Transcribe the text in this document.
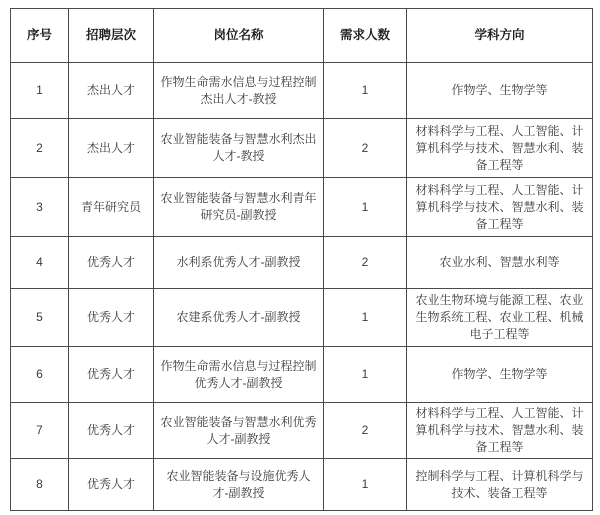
序号	招聘层次	岗位名称	需求人数	学科方向
1	杰出人才	作物生命需水信息与过程控制杰出人才-教授	1	作物学、生物学等
2	杰出人才	农业智能装备与智慧水利杰出人才-教授	2	材料科学与工程、人工智能、计算机科学与技术、智慧水利、装备工程等
3	青年研究员	农业智能装备与智慧水利青年研究员-副教授	1	材料科学与工程、人工智能、计算机科学与技术、智慧水利、装备工程等
4	优秀人才	水利系优秀人才-副教授	2	农业水利、智慧水利等
5	优秀人才	农建系优秀人才-副教授	1	农业生物环境与能源工程、农业生物系统工程、农业工程、机械电子工程等
6	优秀人才	作物生命需水信息与过程控制优秀人才-副教授	1	作物学、生物学等
7	优秀人才	农业智能装备与智慧水利优秀人才-副教授	2	材料科学与工程、人工智能、计算机科学与技术、智慧水利、装备工程等
8	优秀人才	农业智能装备与设施优秀人才-副教授	1	控制科学与工程、计算机科学与技术、装备工程等
